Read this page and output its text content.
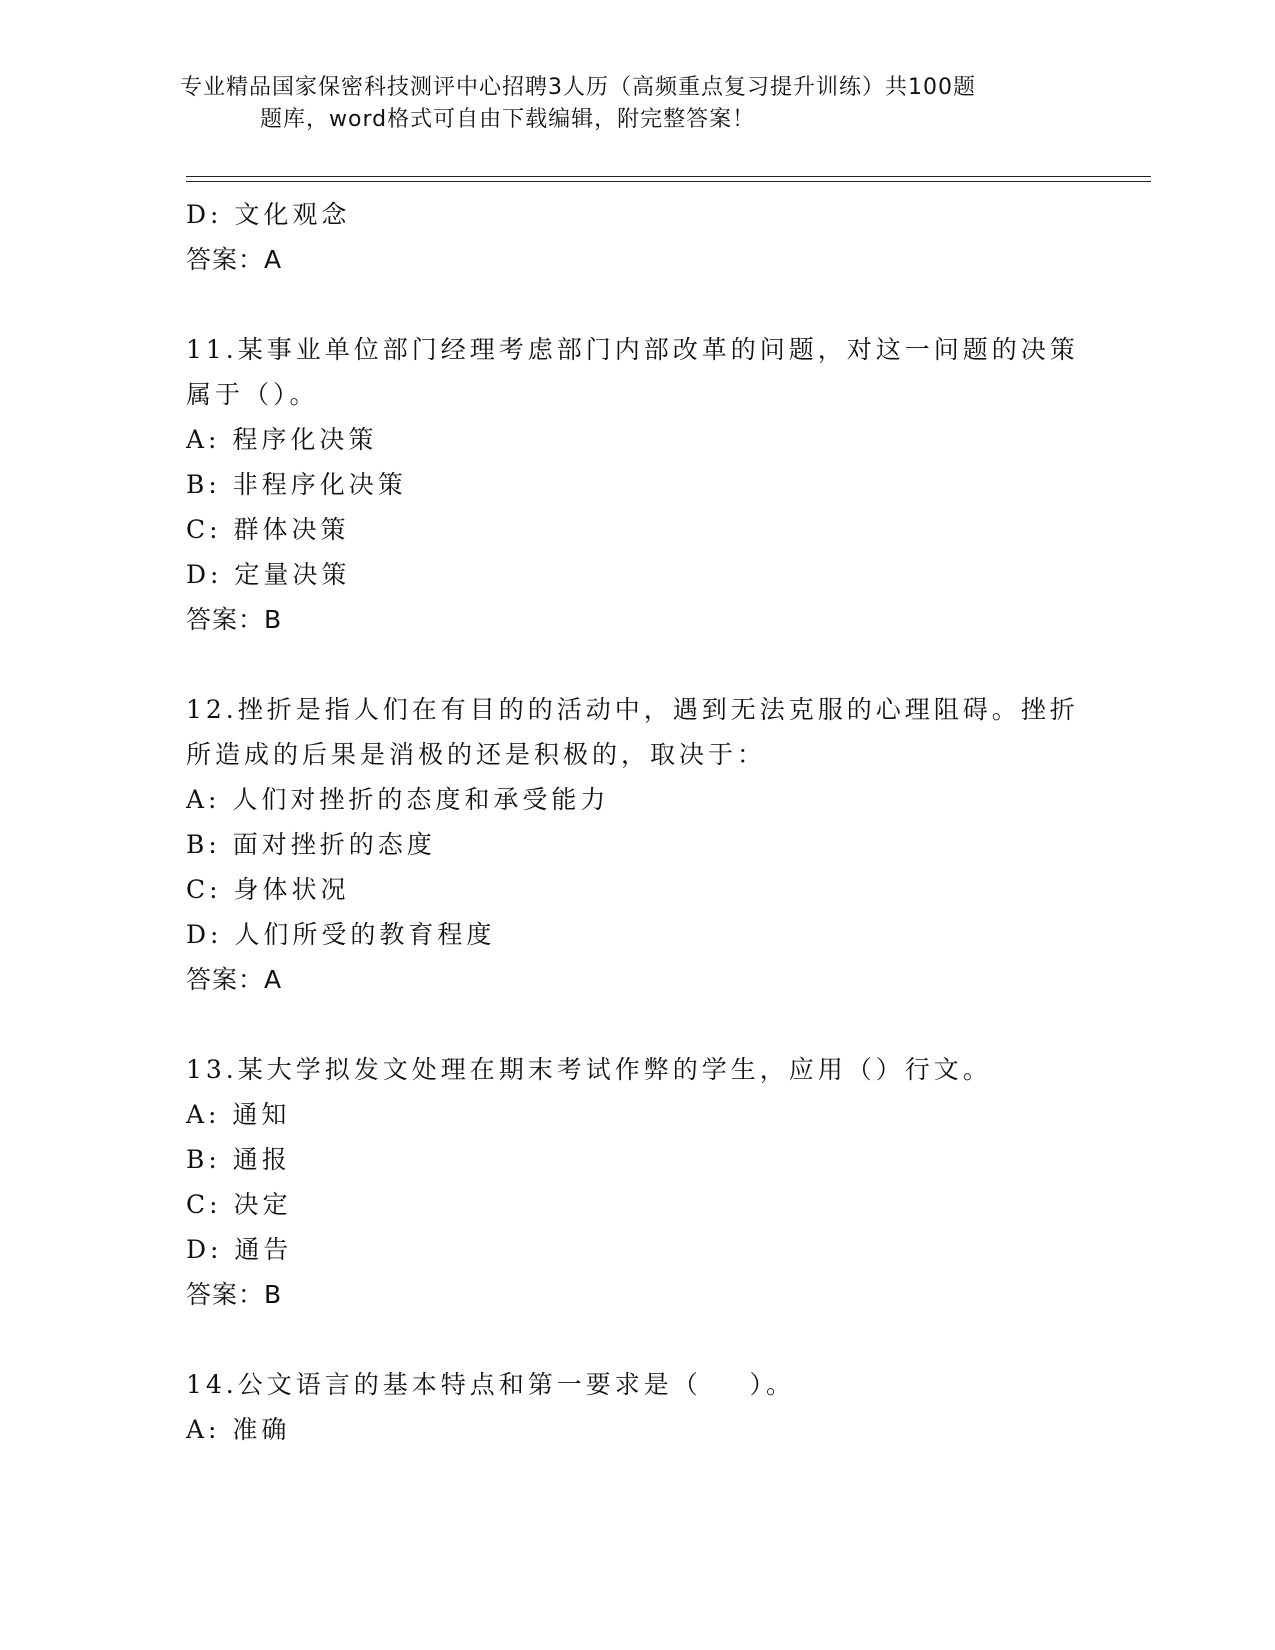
专业精品国家保密科技测评中心招聘3人历（高频重点复习提升训练）共100题
题库，word格式可自由下载编辑，附完整答案！
D: 文化观念
答案：A
11.某事业单位部门经理考虑部门内部改革的问题，对这一问题的决策
属于（）。
A: 程序化决策
B: 非程序化决策
C: 群体决策
D: 定量决策
答案：B
12.挫折是指人们在有目的的活动中，遇到无法克服的心理阻碍。挫折
所造成的后果是消极的还是积极的，取决于：
A: 人们对挫折的态度和承受能力
B: 面对挫折的态度
C: 身体状况
D: 人们所受的教育程度
答案：A
13.某大学拟发文处理在期末考试作弊的学生，应用（）行文。
A: 通知
B: 通报
C: 决定
D: 通告
答案：B
14.公文语言的基本特点和第一要求是（    ）。
A: 准确
